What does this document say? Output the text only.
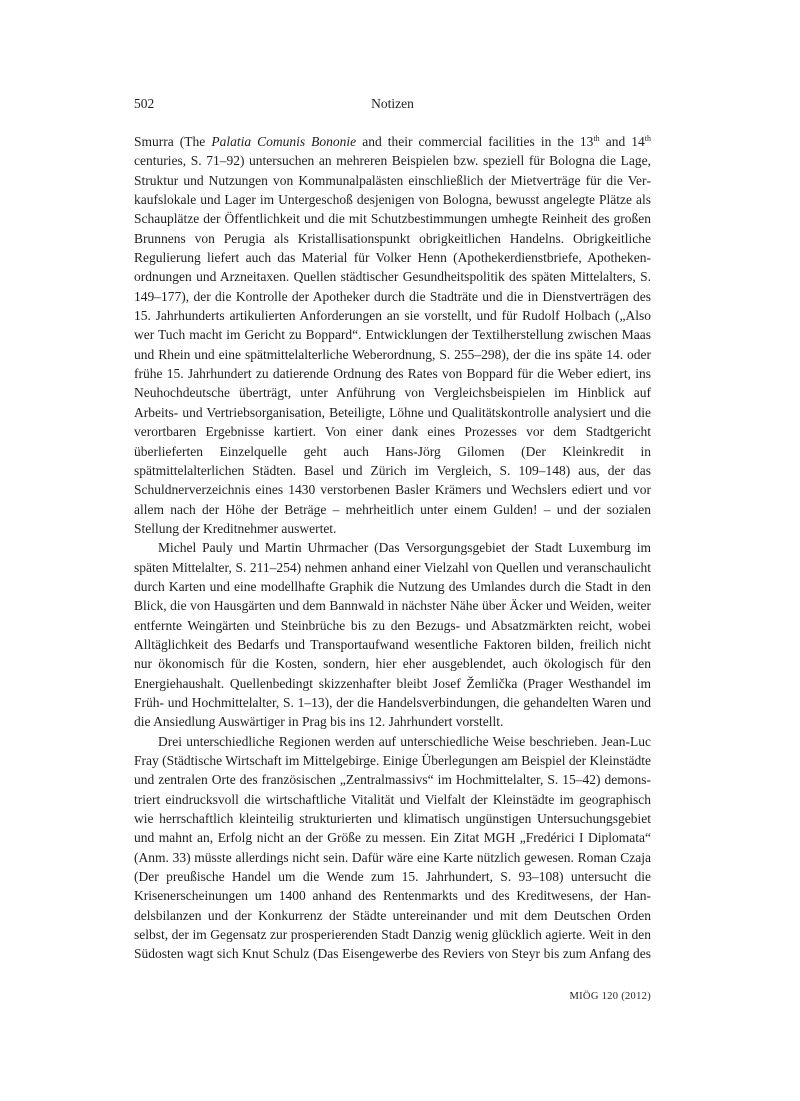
502	Notizen

Smurra (The Palatia Comunis Bononie and their commercial facilities in the 13th and 14th centuries, S. 71–92) untersuchen an mehreren Beispielen bzw. speziell für Bologna die Lage, Struktur und Nutzungen von Kommunalpalästen einschließlich der Mietverträge für die Verkaufslokale und Lager im Untergeschoß desjenigen von Bologna, bewusst angelegte Plätze als Schauplätze der Öffentlichkeit und die mit Schutzbestimmungen umhegte Reinheit des großen Brunnens von Perugia als Kristallisationspunkt obrigkeitlichen Handelns. Obrigkeitliche Regulierung liefert auch das Material für Volker Henn (Apothekerdienstbriefe, Apothekenordnungen und Arzneitaxen. Quellen städtischer Gesundheitspolitik des späten Mittelalters, S. 149–177), der die Kontrolle der Apotheker durch die Stadträte und die in Dienstverträgen des 15. Jahrhunderts artikulierten Anforderungen an sie vorstellt, und für Rudolf Holbach („Also wer Tuch macht im Gericht zu Boppard“. Entwicklungen der Textilherstellung zwischen Maas und Rhein und eine spätmittelalterliche Weberordnung, S. 255–298), der die ins späte 14. oder frühe 15. Jahrhundert zu datierende Ordnung des Rates von Boppard für die Weber ediert, ins Neuhochdeutsche überträgt, unter Anführung von Vergleichsbeispielen im Hinblick auf Arbeits- und Vertriebsorganisation, Beteiligte, Löhne und Qualitätskontrolle analysiert und die verortbaren Ergebnisse kartiert. Von einer dank eines Prozesses vor dem Stadtgericht überlieferten Einzelquelle geht auch Hans-Jörg Gilomen (Der Kleinkredit in spätmittelalterlichen Städten. Basel und Zürich im Vergleich, S. 109–148) aus, der das Schuldnerverzeichnis eines 1430 verstorbenen Basler Krämers und Wechslers ediert und vor allem nach der Höhe der Beträge – mehrheitlich unter einem Gulden! – und der sozialen Stellung der Kreditnehmer auswertet.

Michel Pauly und Martin Uhrmacher (Das Versorgungsgebiet der Stadt Luxemburg im späten Mittelalter, S. 211–254) nehmen anhand einer Vielzahl von Quellen und veranschaulicht durch Karten und eine modellhafte Graphik die Nutzung des Umlandes durch die Stadt in den Blick, die von Hausgärten und dem Bannwald in nächster Nähe über Äcker und Weiden, weiter entfernte Weingärten und Steinbrüche bis zu den Bezugs- und Absatzmärkten reicht, wobei Alltäglichkeit des Bedarfs und Transportaufwand wesentliche Faktoren bilden, freilich nicht nur ökonomisch für die Kosten, sondern, hier eher ausgeblendet, auch ökologisch für den Energiehaushalt. Quellenbedingt skizzenhafter bleibt Josef Žemlička (Prager Westhandel im Früh- und Hochmittelalter, S. 1–13), der die Handelsverbindungen, die gehandelten Waren und die Ansiedlung Auswärtiger in Prag bis ins 12. Jahrhundert vorstellt.

Drei unterschiedliche Regionen werden auf unterschiedliche Weise beschrieben. Jean-Luc Fray (Städtische Wirtschaft im Mittelgebirge. Einige Überlegungen am Beispiel der Kleinstädte und zentralen Orte des französischen „Zentralmassivs“ im Hochmittelalter, S. 15–42) demonstriert eindrucksvoll die wirtschaftliche Vitalität und Vielfalt der Kleinstädte im geographisch wie herrschaftlich kleinteilig strukturierten und klimatisch ungünstigen Untersuchungsgebiet und mahnt an, Erfolg nicht an der Größe zu messen. Ein Zitat MGH „Fredérici I Diplomata“ (Anm. 33) müsste allerdings nicht sein. Dafür wäre eine Karte nützlich gewesen. Roman Czaja (Der preußische Handel um die Wende zum 15. Jahrhundert, S. 93–108) untersucht die Krisenerscheinungen um 1400 anhand des Rentenmarkts und des Kreditwesens, der Handelsbilanzen und der Konkurrenz der Städte untereinander und mit dem Deutschen Orden selbst, der im Gegensatz zur prosperierenden Stadt Danzig wenig glücklich agierte. Weit in den Südosten wagt sich Knut Schulz (Das Eisengewerbe des Reviers von Steyr bis zum Anfang des

MIÖG 120 (2012)
